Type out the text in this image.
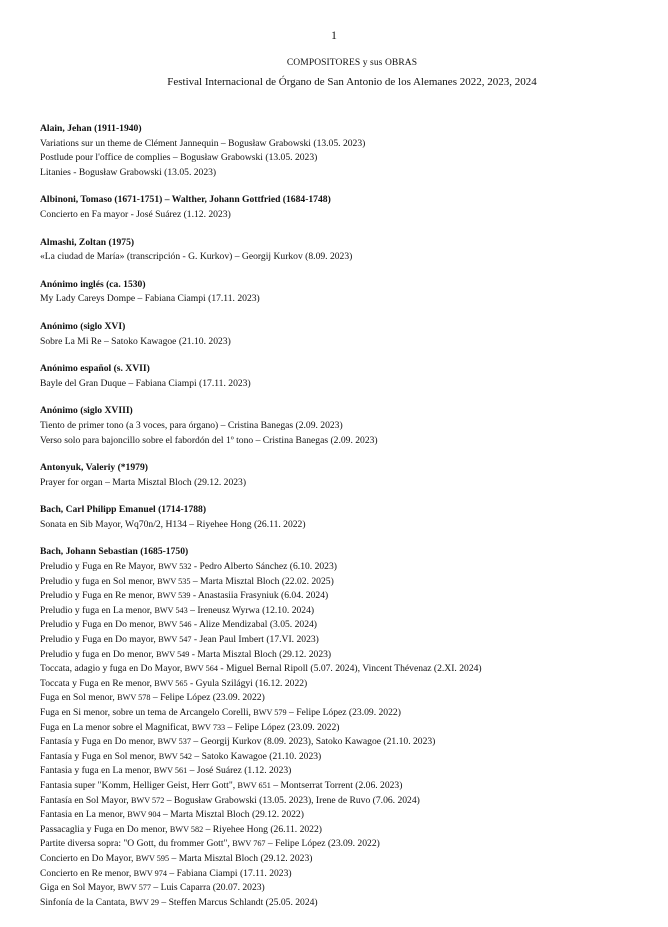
1
COMPOSITORES y sus OBRAS
Festival Internacional de Órgano de San Antonio de los Alemanes 2022, 2023, 2024
Alain, Jehan (1911-1940)
Variations sur un theme de Clément Jannequin – Bogusław Grabowski (13.05. 2023)
Postlude pour l'office de complies – Bogusław Grabowski (13.05. 2023)
Litanies - Bogusław Grabowski (13.05. 2023)
Albinoni, Tomaso (1671-1751) – Walther, Johann Gottfried (1684-1748)
Concierto en Fa mayor - José Suárez (1.12. 2023)
Almashi, Zoltan (1975)
«La ciudad de María» (transcripción - G. Kurkov) – Georgij Kurkov (8.09. 2023)
Anónimo inglés (ca. 1530)
My Lady Careys Dompe – Fabiana Ciampi (17.11. 2023)
Anónimo (siglo XVI)
Sobre La Mi Re – Satoko Kawagoe (21.10. 2023)
Anónimo español (s. XVII)
Bayle del Gran Duque – Fabiana Ciampi (17.11. 2023)
Anónimo (siglo XVIII)
Tiento de primer tono (a 3 voces, para órgano) – Cristina Banegas (2.09. 2023)
Verso solo para bajoncillo sobre el fabordón del 1º tono – Cristina Banegas (2.09. 2023)
Antonyuk, Valeriy (*1979)
Prayer for organ – Marta Misztal Bloch (29.12. 2023)
Bach, Carl Philipp Emanuel (1714-1788)
Sonata en Sib Mayor, Wq70n/2, H134 – Riyehee Hong (26.11. 2022)
Bach, Johann Sebastian (1685-1750)
Preludio y Fuga en Re Mayor, BWV 532 - Pedro Alberto Sánchez (6.10. 2023)
Preludio y fuga en Sol menor, BWV 535 – Marta Misztal Bloch (22.02. 2025)
Preludio y Fuga en Re menor, BWV 539 - Anastasiia Frasyniuk (6.04. 2024)
Preludio y fuga en La menor, BWV 543 – Ireneusz Wyrwa (12.10. 2024)
Preludio y Fuga en Do menor, BWV 546 - Alize Mendizabal (3.05. 2024)
Preludio y Fuga en Do mayor, BWV 547 - Jean Paul Imbert (17.VI. 2023)
Preludio y fuga en Do menor, BWV 549 - Marta Misztal Bloch (29.12. 2023)
Toccata, adagio y fuga en Do Mayor, BWV 564 - Miguel Bernal Ripoll (5.07. 2024), Vincent Thévenaz (2.XI. 2024)
Toccata y Fuga en Re menor, BWV 565 - Gyula Szilágyi (16.12. 2022)
Fuga en Sol menor, BWV 578 – Felipe López (23.09. 2022)
Fuga en Si menor, sobre un tema de Arcangelo Corelli, BWV 579 – Felipe López (23.09. 2022)
Fuga en La menor sobre el Magnificat, BWV 733 – Felipe López (23.09. 2022)
Fantasía y Fuga en Do menor, BWV 537 – Georgij Kurkov (8.09. 2023), Satoko Kawagoe (21.10. 2023)
Fantasía y Fuga en Sol menor, BWV 542 – Satoko Kawagoe (21.10. 2023)
Fantasia y fuga en La menor, BWV 561 – José Suárez (1.12. 2023)
Fantasia super "Komm, Helliger Geist, Herr Gott", BWV 651 – Montserrat Torrent (2.06. 2023)
Fantasía en Sol Mayor, BWV 572 – Bogusław Grabowski (13.05. 2023), Irene de Ruvo (7.06. 2024)
Fantasia en La menor, BWV 904 – Marta Misztal Bloch (29.12. 2022)
Passacaglia y Fuga en Do menor, BWV 582 – Riyehee Hong (26.11. 2022)
Partite diversa sopra: "O Gott, du frommer Gott", BWV 767 – Felipe López (23.09. 2022)
Concierto en Do Mayor, BWV 595 – Marta Misztal Bloch (29.12. 2023)
Concierto en Re menor, BWV 974 – Fabiana Ciampi (17.11. 2023)
Giga en Sol Mayor, BWV 577 – Luis Caparra (20.07. 2023)
Sinfonía de la Cantata, BWV 29 – Steffen Marcus Schlandt (25.05. 2024)
